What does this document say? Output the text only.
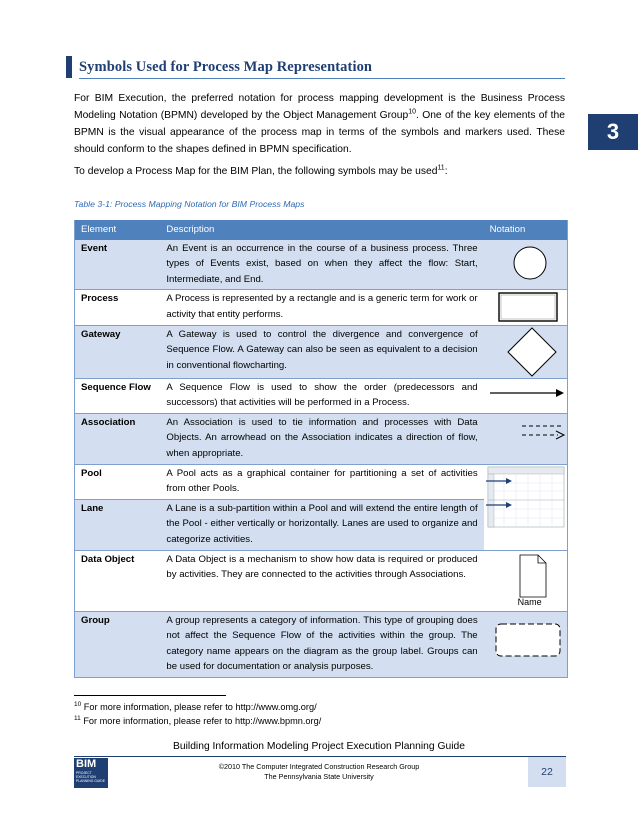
Symbols Used for Process Map Representation
3
For BIM Execution, the preferred notation for process mapping development is the Business Process Modeling Notation (BPMN) developed by the Object Management Group$^{10}$. One of the key elements of the BPMN is the visual appearance of the process map in terms of the symbols and markers used. These should conform to the shapes defined in BPMN specification.
To develop a Process Map for the BIM Plan, the following symbols may be used$^{11}$:
Table 3-1: Process Mapping Notation for BIM Process Maps
Element	Description	Notation
Event	An Event is an occurrence in the course of a business process. Three types of Events exist, based on when they affect the flow: Start, Intermediate, and End.	

Process	A Process is represented by a rectangle and is a generic term for work or activity that entity performs.	

Gateway	A Gateway is used to control the divergence and convergence of Sequence Flow. A Gateway can also be seen as equivalent to a decision in conventional flowcharting.	

Sequence Flow	A Sequence Flow is used to show the order (predecessors and successors) that activities will be performed in a Process.	

Association	An Association is used to tie information and processes with Data Objects. An arrowhead on the Association indicates a direction of flow, when appropriate.	

Pool	A Pool acts as a graphical container for partitioning a set of activities from other Pools.	

Lane	A Lane is a sub-partition within a Pool and will extend the entire length of the Pool - either vertically or horizontally. Lanes are used to organize and categorize activities.	
Data Object	A Data Object is a mechanism to show how data is required or produced by activities. They are connected to the activities through Associations.	Name

Group	A group represents a category of information. This type of grouping does not affect the Sequence Flow of the activities within the group. The category name appears on the diagram as the group label. Groups can be used for documentation or analysis purposes.	
$^{10}$ For more information, please refer to http://www.omg.org/
$^{11}$ For more information, please refer to http://www.bpmn.org/
Building Information Modeling Project Execution Planning Guide
BIM
PROJECT EXECUTION PLANNING GUIDE
©2010 The Computer Integrated Construction Research Group
The Pennsylvania State University	22
